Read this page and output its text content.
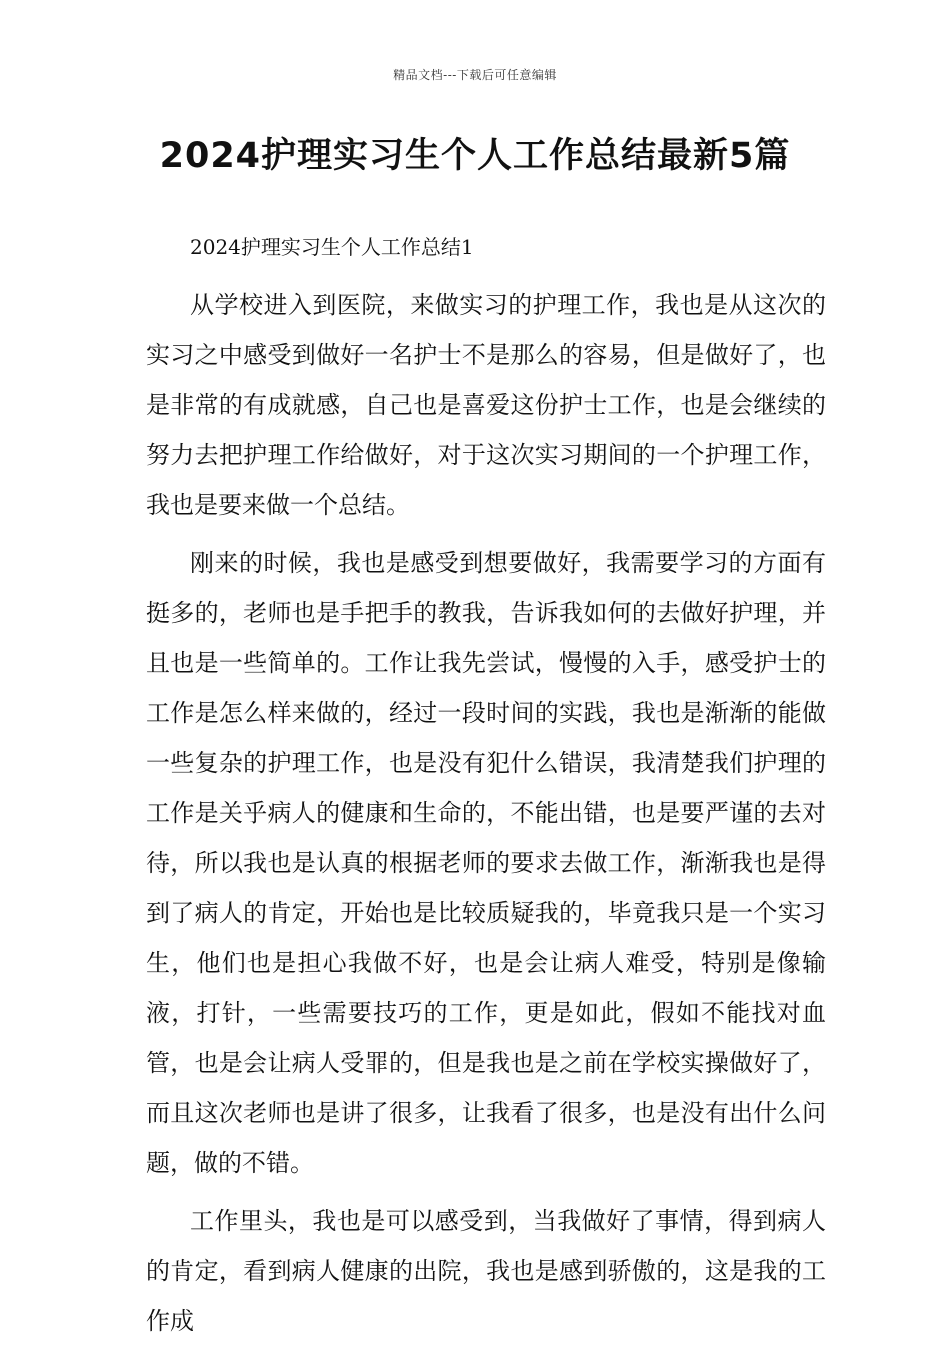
精品文档---下载后可任意编辑
2024护理实习生个人工作总结最新5篇

2024护理实习生个人工作总结1

从学校进入到医院，来做实习的护理工作，我也是从这次的实习之中感受到做好一名护士不是那么的容易，但是做好了，也是非常的有成就感，自己也是喜爱这份护士工作，也是会继续的努力去把护理工作给做好，对于这次实习期间的一个护理工作，我也是要来做一个总结。

刚来的时候，我也是感受到想要做好，我需要学习的方面有挺多的，老师也是手把手的教我，告诉我如何的去做好护理，并且也是一些简单的。工作让我先尝试，慢慢的入手，感受护士的工作是怎么样来做的，经过一段时间的实践，我也是渐渐的能做一些复杂的护理工作，也是没有犯什么错误，我清楚我们护理的工作是关乎病人的健康和生命的，不能出错，也是要严谨的去对待，所以我也是认真的根据老师的要求去做工作，渐渐我也是得到了病人的肯定，开始也是比较质疑我的，毕竟我只是一个实习生，他们也是担心我做不好，也是会让病人难受，特别是像输液，打针，一些需要技巧的工作，更是如此，假如不能找对血管，也是会让病人受罪的，但是我也是之前在学校实操做好了，而且这次老师也是讲了很多，让我看了很多，也是没有出什么问题，做的不错。

工作里头，我也是可以感受到，当我做好了事情，得到病人的肯定，看到病人健康的出院，我也是感到骄傲的，这是我的工作成
